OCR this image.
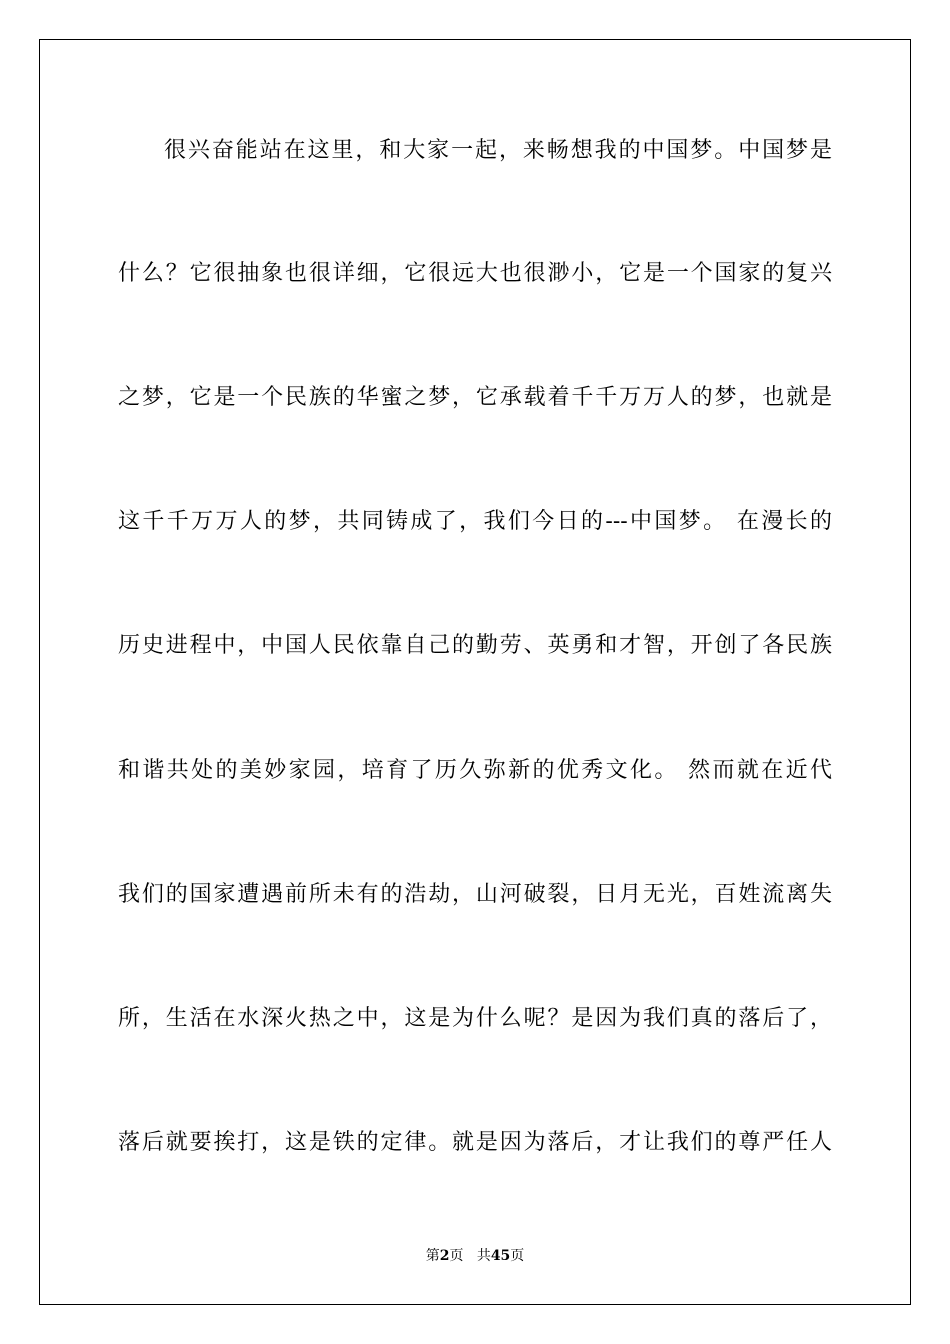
很兴奋能站在这里，和大家一起，来畅想我的中国梦。中国梦是
什么？它很抽象也很详细，它很远大也很渺小，它是一个国家的复兴
之梦，它是一个民族的华蜜之梦，它承载着千千万万人的梦，也就是
这千千万万人的梦，共同铸成了，我们今日的---中国梦。 在漫长的
历史进程中，中国人民依靠自己的勤劳、英勇和才智，开创了各民族
和谐共处的美妙家园，培育了历久弥新的优秀文化。 然而就在近代
我们的国家遭遇前所未有的浩劫，山河破裂，日月无光，百姓流离失
所，生活在水深火热之中，这是为什么呢？是因为我们真的落后了，
落后就要挨打，这是铁的定律。就是因为落后，才让我们的尊严任人
第2页 共45页
